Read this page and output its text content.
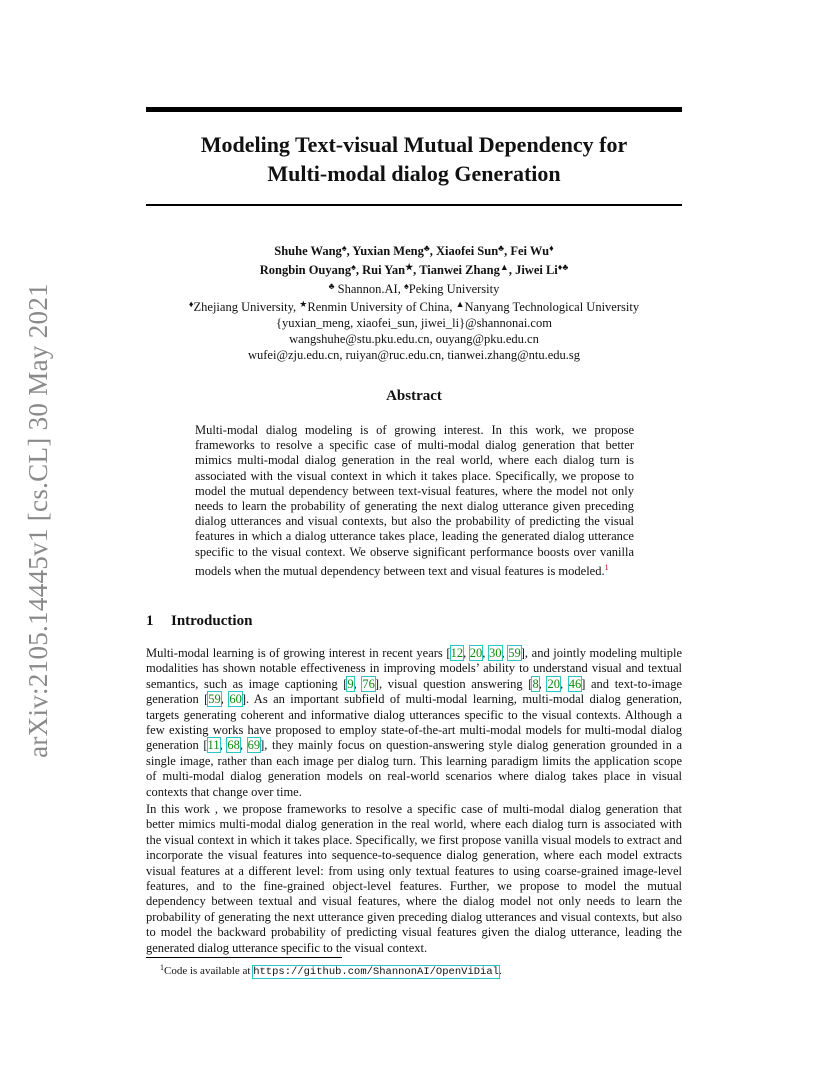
arXiv:2105.14445v1 [cs.CL] 30 May 2021
Modeling Text-visual Mutual Dependency for
Multi-modal dialog Generation
Shuhe Wang♠, Yuxian Meng♣, Xiaofei Sun♣, Fei Wu♦
Rongbin Ouyang♠, Rui Yan★, Tianwei Zhang▲, Jiwei Li♦♣
♣ Shannon.AI, ♠Peking University
♦Zhejiang University, ★Renmin University of China, ▲Nanyang Technological University
{yuxian_meng, xiaofei_sun, jiwei_li}@shannonai.com
wangshuhe@stu.pku.edu.cn, ouyang@pku.edu.cn
wufei@zju.edu.cn, ruiyan@ruc.edu.cn, tianwei.zhang@ntu.edu.sg
Abstract
Multi-modal dialog modeling is of growing interest. In this work, we propose frameworks to resolve a specific case of multi-modal dialog generation that better mimics multi-modal dialog generation in the real world, where each dialog turn is associated with the visual context in which it takes place. Specifically, we propose to model the mutual dependency between text-visual features, where the model not only needs to learn the probability of generating the next dialog utterance given preceding dialog utterances and visual contexts, but also the probability of predicting the visual features in which a dialog utterance takes place, leading the generated dialog utterance specific to the visual context. We observe significant performance boosts over vanilla models when the mutual dependency between text and visual features is modeled.$^1$
1 Introduction
Multi-modal learning is of growing interest in recent years [12, 20, 30, 59], and jointly modeling multiple modalities has shown notable effectiveness in improving models’ ability to understand visual and textual semantics, such as image captioning [9, 76], visual question answering [8, 20, 46] and text-to-image generation [59, 60]. As an important subfield of multi-modal learning, multi-modal dialog generation, targets generating coherent and informative dialog utterances specific to the visual contexts. Although a few existing works have proposed to employ state-of-the-art multi-modal models for multi-modal dialog generation [11, 68, 69], they mainly focus on question-answering style dialog generation grounded in a single image, rather than each image per dialog turn. This learning paradigm limits the application scope of multi-modal dialog generation models on real-world scenarios where dialog takes place in visual contexts that change over time.
In this work , we propose frameworks to resolve a specific case of multi-modal dialog generation that better mimics multi-modal dialog generation in the real world, where each dialog turn is associated with the visual context in which it takes place. Specifically, we first propose vanilla visual models to extract and incorporate the visual features into sequence-to-sequence dialog generation, where each model extracts visual features at a different level: from using only textual features to using coarse-grained image-level features, and to the fine-grained object-level features. Further, we propose to model the mutual dependency between textual and visual features, where the dialog model not only needs to learn the probability of generating the next utterance given preceding dialog utterances and visual contexts, but also to model the backward probability of predicting visual features given the dialog utterance, leading the generated dialog utterance specific to the visual context.
$^1$Code is available at https://github.com/ShannonAI/OpenViDial.
